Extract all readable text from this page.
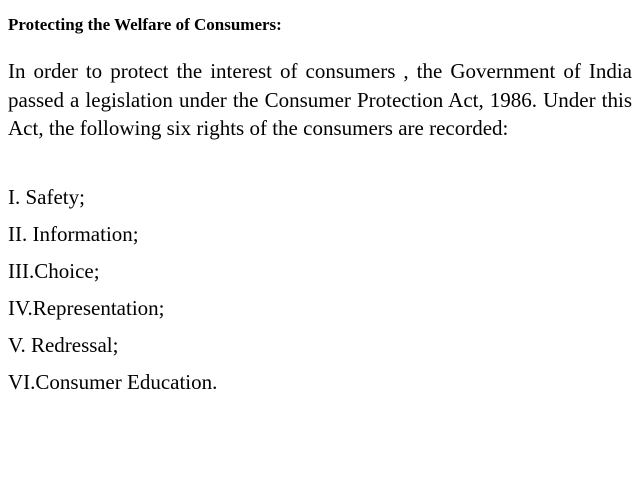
Protecting the Welfare of Consumers:
In order to protect the interest of consumers , the Government of India passed a legislation under the Consumer Protection Act, 1986. Under this Act, the following six rights of the consumers are recorded:
I. Safety;
II. Information;
III.Choice;
IV.Representation;
V. Redressal;
VI.Consumer Education.
